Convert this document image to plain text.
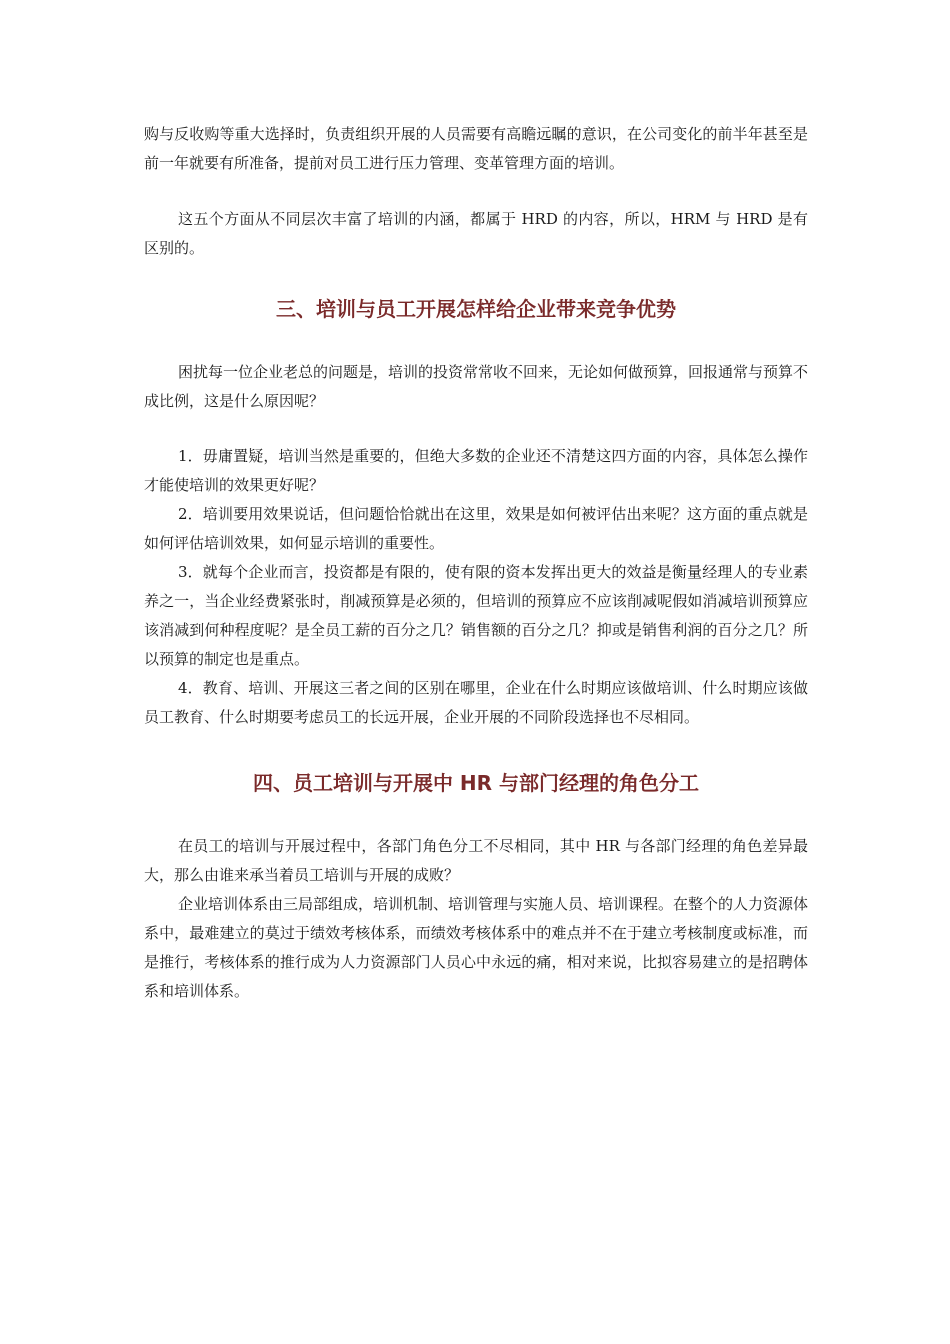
购与反收购等重大选择时，负责组织开展的人员需要有高瞻远瞩的意识，在公司变化的前半年甚至是前一年就要有所准备，提前对员工进行压力管理、变革管理方面的培训。

这五个方面从不同层次丰富了培训的内涵，都属于 HRD 的内容，所以，HRM 与 HRD 是有区别的。

三、培训与员工开展怎样给企业带来竞争优势

困扰每一位企业老总的问题是，培训的投资常常收不回来，无论如何做预算，回报通常与预算不成比例，这是什么原因呢？

1．毋庸置疑，培训当然是重要的，但绝大多数的企业还不清楚这四方面的内容，具体怎么操作才能使培训的效果更好呢？

2．培训要用效果说话，但问题恰恰就出在这里，效果是如何被评估出来呢？这方面的重点就是如何评估培训效果，如何显示培训的重要性。

3．就每个企业而言，投资都是有限的，使有限的资本发挥出更大的效益是衡量经理人的专业素养之一，当企业经费紧张时，削减预算是必须的，但培训的预算应不应该削减呢假如消减培训预算应该消减到何种程度呢？是全员工薪的百分之几？销售额的百分之几？抑或是销售利润的百分之几？所以预算的制定也是重点。

4．教育、培训、开展这三者之间的区别在哪里，企业在什么时期应该做培训、什么时期应该做员工教育、什么时期要考虑员工的长远开展，企业开展的不同阶段选择也不尽相同。

四、员工培训与开展中 HR 与部门经理的角色分工

在员工的培训与开展过程中，各部门角色分工不尽相同，其中 HR 与各部门经理的角色差异最大，那么由谁来承当着员工培训与开展的成败？

企业培训体系由三局部组成，培训机制、培训管理与实施人员、培训课程。在整个的人力资源体系中，最难建立的莫过于绩效考核体系，而绩效考核体系中的难点并不在于建立考核制度或标准，而是推行，考核体系的推行成为人力资源部门人员心中永远的痛，相对来说，比拟容易建立的是招聘体系和培训体系。
